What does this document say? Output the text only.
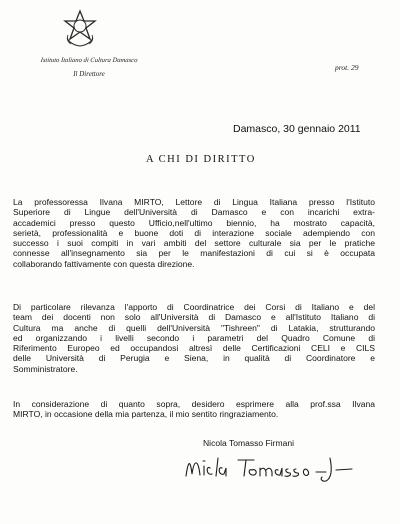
Istituto Italiano di Cultura Damasco
Il Direttore
prot. 29
Damasco, 30 gennaio 2011
A CHI DI DIRITTO
La professoressa Ilvana MIRTO, Lettore di Lingua Italiana presso l'Istituto
Superiore di Lingue dell'Università di Damasco e con incarichi extra-
accademici presso questo Ufficio,nell'ultimo biennio, ha mostrato capacità,
serietà, professionalità e buone doti di interazione sociale adempiendo con
successo i suoi compiti in vari ambiti del settore culturale sia per le pratiche
connesse all'insegnamento sia per le manifestazioni di cui si è occupata
collaborando fattivamente con questa direzione.
Di particolare rilevanza l'apporto di Coordinatrice dei Corsi di Italiano e del
team dei docenti non solo all'Università di Damasco e all'Istituto Italiano di
Cultura ma anche di quelli dell'Università "Tishreen" di Latakia, strutturando
ed organizzando i livelli secondo i parametri del Quadro Comune di
Riferimento Europeo ed occupandosi altresì delle Certificazioni CELI e CILS
delle Università di Perugia e Siena, in qualità di Coordinatore e
Somministratore.
In considerazione di quanto sopra, desidero esprimere alla prof.ssa Ilvana
MIRTO, in occasione della mia partenza, il mio sentito ringraziamento.
Nicola Tomasso Firmani
